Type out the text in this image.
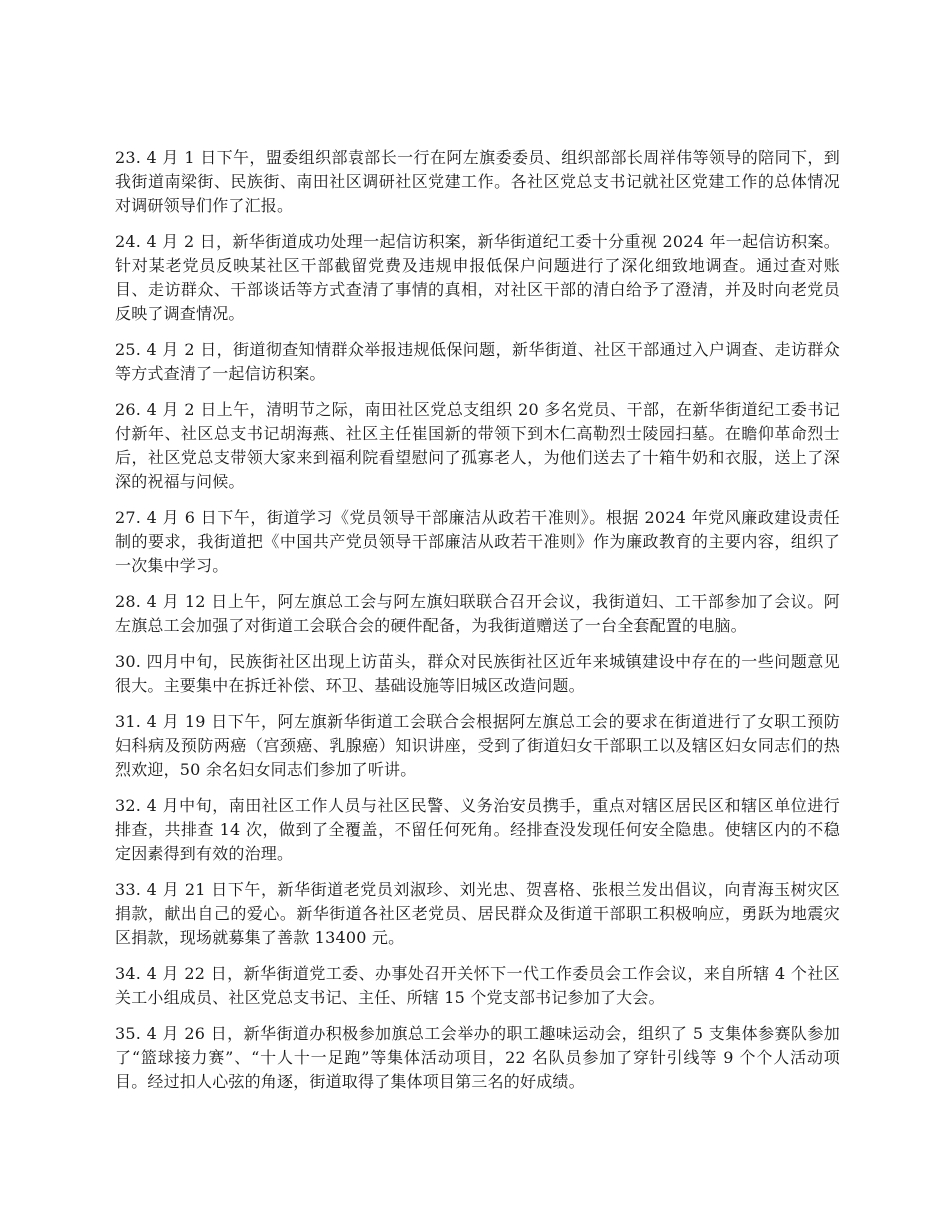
23. 4 月 1 日下午，盟委组织部袁部长一行在阿左旗委委员、组织部部长周祥伟等领导的陪同下，到我街道南梁街、民族街、南田社区调研社区党建工作。各社区党总支书记就社区党建工作的总体情况对调研领导们作了汇报。

24. 4 月 2 日，新华街道成功处理一起信访积案，新华街道纪工委十分重视 2024 年一起信访积案。针对某老党员反映某社区干部截留党费及违规申报低保户问题进行了深化细致地调查。通过查对账目、走访群众、干部谈话等方式查清了事情的真相，对社区干部的清白给予了澄清，并及时向老党员反映了调查情况。

25. 4 月 2 日，街道彻查知情群众举报违规低保问题，新华街道、社区干部通过入户调查、走访群众等方式查清了一起信访积案。

26. 4 月 2 日上午，清明节之际，南田社区党总支组织 20 多名党员、干部，在新华街道纪工委书记付新年、社区总支书记胡海燕、社区主任崔国新的带领下到木仁高勒烈士陵园扫墓。在瞻仰革命烈士后，社区党总支带领大家来到福利院看望慰问了孤寡老人，为他们送去了十箱牛奶和衣服，送上了深深的祝福与问候。

27. 4 月 6 日下午，街道学习《党员领导干部廉洁从政若干准则》。根据 2024 年党风廉政建设责任制的要求，我街道把《中国共产党员领导干部廉洁从政若干准则》作为廉政教育的主要内容，组织了一次集中学习。

28. 4 月 12 日上午，阿左旗总工会与阿左旗妇联联合召开会议，我街道妇、工干部参加了会议。阿左旗总工会加强了对街道工会联合会的硬件配备，为我街道赠送了一台全套配置的电脑。

30. 四月中旬，民族街社区出现上访苗头，群众对民族街社区近年来城镇建设中存在的一些问题意见很大。主要集中在拆迁补偿、环卫、基础设施等旧城区改造问题。

31. 4 月 19 日下午，阿左旗新华街道工会联合会根据阿左旗总工会的要求在街道进行了女职工预防妇科病及预防两癌（宫颈癌、乳腺癌）知识讲座，受到了街道妇女干部职工以及辖区妇女同志们的热烈欢迎，50 余名妇女同志们参加了听讲。

32. 4 月中旬，南田社区工作人员与社区民警、义务治安员携手，重点对辖区居民区和辖区单位进行排查，共排查 14 次，做到了全覆盖，不留任何死角。经排查没发现任何安全隐患。使辖区内的不稳定因素得到有效的治理。

33. 4 月 21 日下午，新华街道老党员刘淑珍、刘光忠、贺喜格、张根兰发出倡议，向青海玉树灾区捐款，献出自己的爱心。新华街道各社区老党员、居民群众及街道干部职工积极响应，勇跃为地震灾区捐款，现场就募集了善款 13400 元。

34. 4 月 22 日，新华街道党工委、办事处召开关怀下一代工作委员会工作会议，来自所辖 4 个社区关工小组成员、社区党总支书记、主任、所辖 15 个党支部书记参加了大会。

35. 4 月 26 日，新华街道办积极参加旗总工会举办的职工趣味运动会，组织了 5 支集体参赛队参加了“篮球接力赛”、“十人十一足跑”等集体活动项目，22 名队员参加了穿针引线等 9 个个人活动项目。经过扣人心弦的角逐，街道取得了集体项目第三名的好成绩。
